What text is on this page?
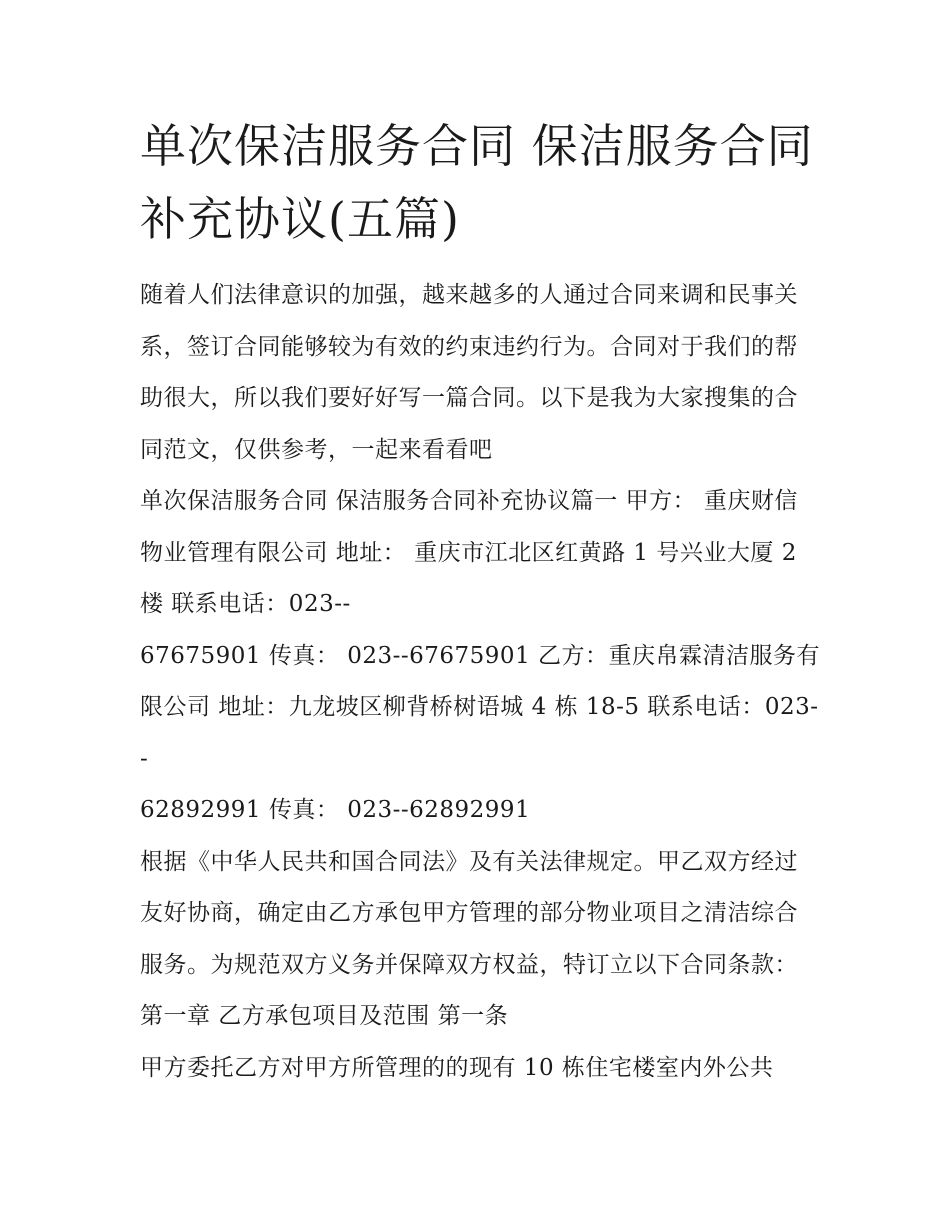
单次保洁服务合同 保洁服务合同补充协议(五篇)

随着人们法律意识的加强，越来越多的人通过合同来调和民事关系，签订合同能够较为有效的约束违约行为。合同对于我们的帮助很大，所以我们要好好写一篇合同。以下是我为大家搜集的合同范文，仅供参考，一起来看看吧

单次保洁服务合同 保洁服务合同补充协议篇一 甲方： 重庆财信物业管理有限公司 地址： 重庆市江北区红黄路 1 号兴业大厦 2 楼 联系电话：023--

67675901 传真： 023--67675901 乙方：重庆帛霖清洁服务有限公司 地址：九龙坡区柳背桥树语城 4 栋 18-5 联系电话：023--

62892991 传真： 023--62892991

根据《中华人民共和国合同法》及有关法律规定。甲乙双方经过友好协商，确定由乙方承包甲方管理的部分物业项目之清洁综合服务。为规范双方义务并保障双方权益，特订立以下合同条款：

第一章 乙方承包项目及范围 第一条

甲方委托乙方对甲方所管理的的现有 10 栋住宅楼室内外公共
